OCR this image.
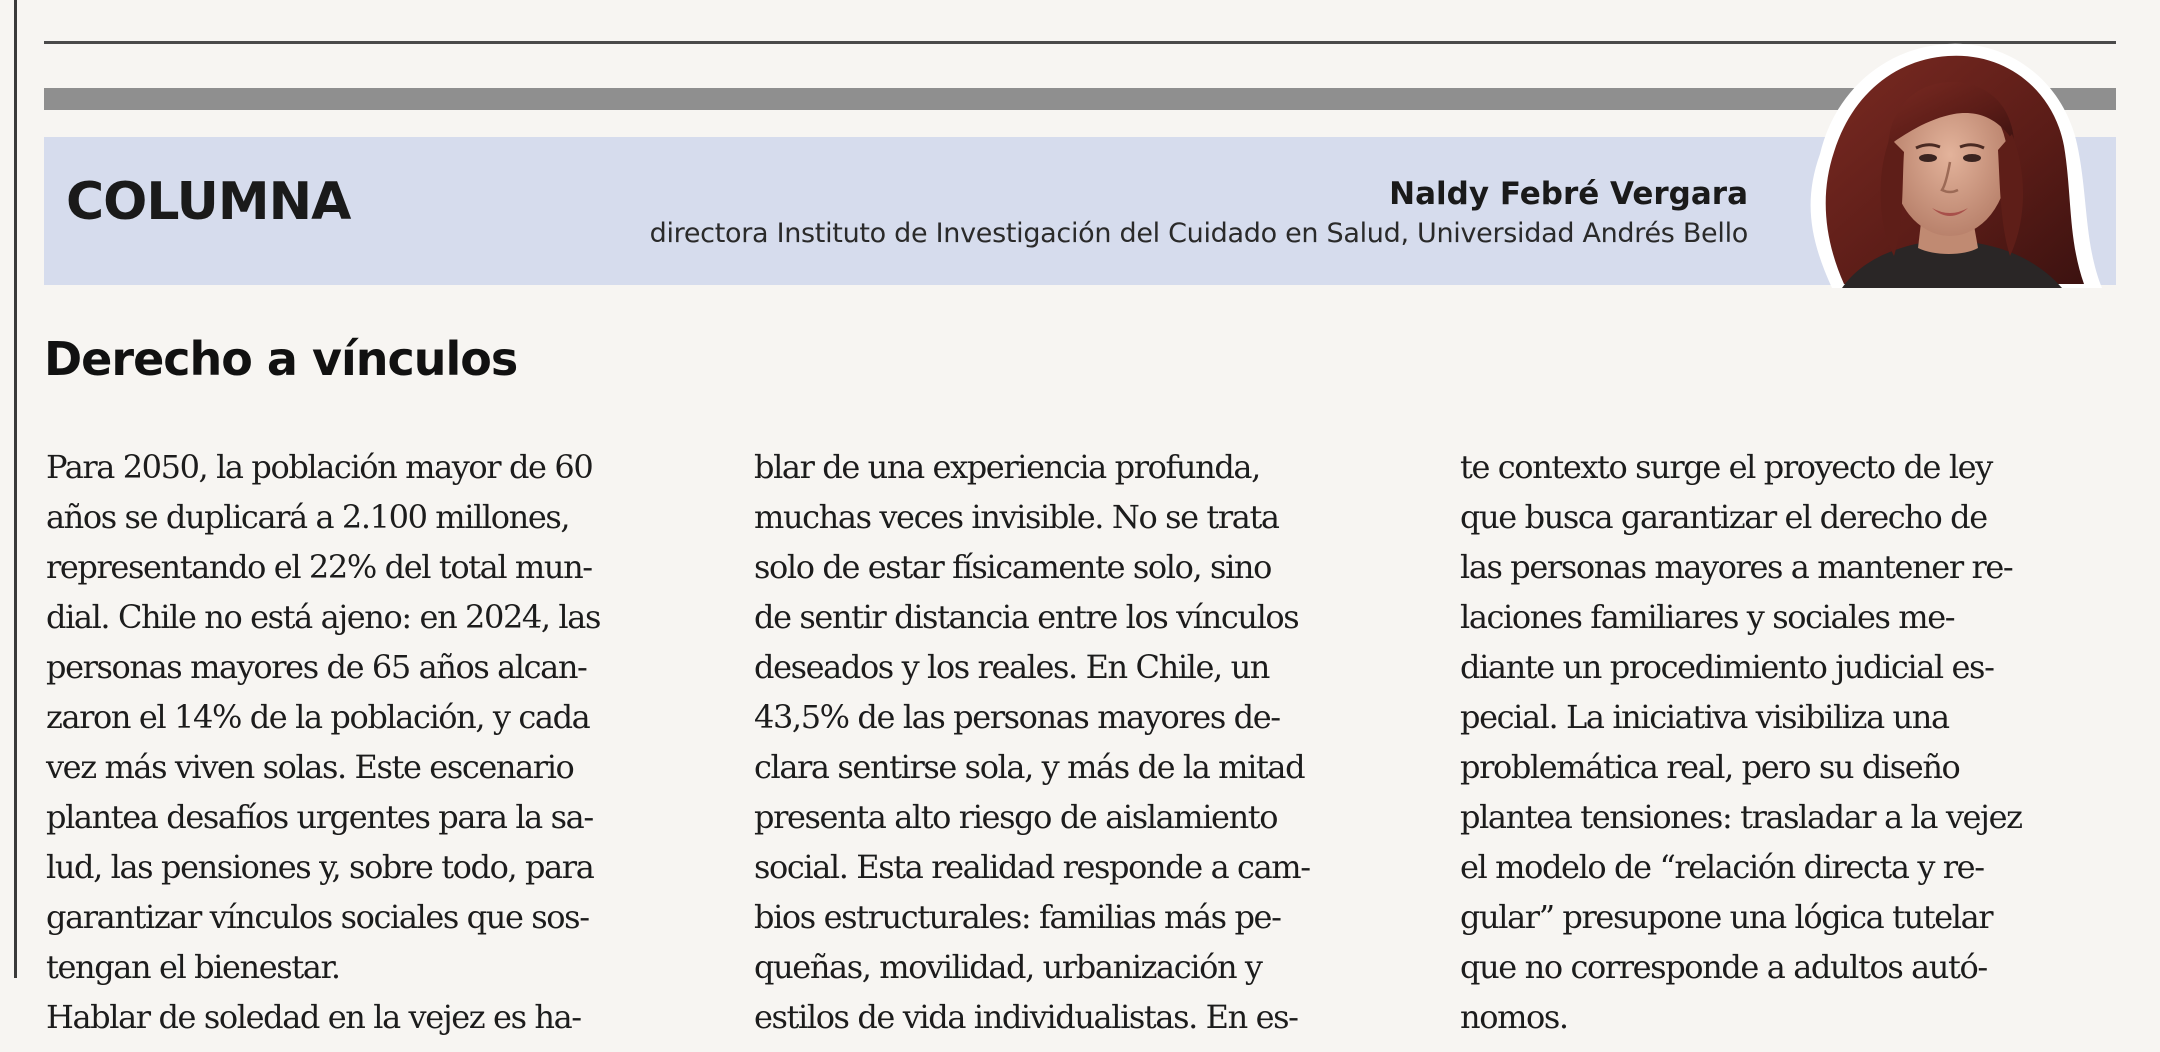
COLUMNA	Naldy Febré Vergara
directora Instituto de Investigación del Cuidado en Salud, Universidad Andrés Bello
Derecho a vínculos
Para 2050, la población mayor de 60
años se duplicará a 2.100 millones,
representando el 22% del total mun-
dial. Chile no está ajeno: en 2024, las
personas mayores de 65 años alcan-
zaron el 14% de la población, y cada
vez más viven solas. Este escenario
plantea desafíos urgentes para la sa-
lud, las pensiones y, sobre todo, para
garantizar vínculos sociales que sos-
tengan el bienestar.
Hablar de soledad en la vejez es ha-
blar de una experiencia profunda,
muchas veces invisible. No se trata
solo de estar físicamente solo, sino
de sentir distancia entre los vínculos
deseados y los reales. En Chile, un
43,5% de las personas mayores de-
clara sentirse sola, y más de la mitad
presenta alto riesgo de aislamiento
social. Esta realidad responde a cam-
bios estructurales: familias más pe-
queñas, movilidad, urbanización y
estilos de vida individualistas. En es-
te contexto surge el proyecto de ley
que busca garantizar el derecho de
las personas mayores a mantener re-
laciones familiares y sociales me-
diante un procedimiento judicial es-
pecial. La iniciativa visibiliza una
problemática real, pero su diseño
plantea tensiones: trasladar a la vejez
el modelo de “relación directa y re-
gular” presupone una lógica tutelar
que no corresponde a adultos autó-
nomos.
